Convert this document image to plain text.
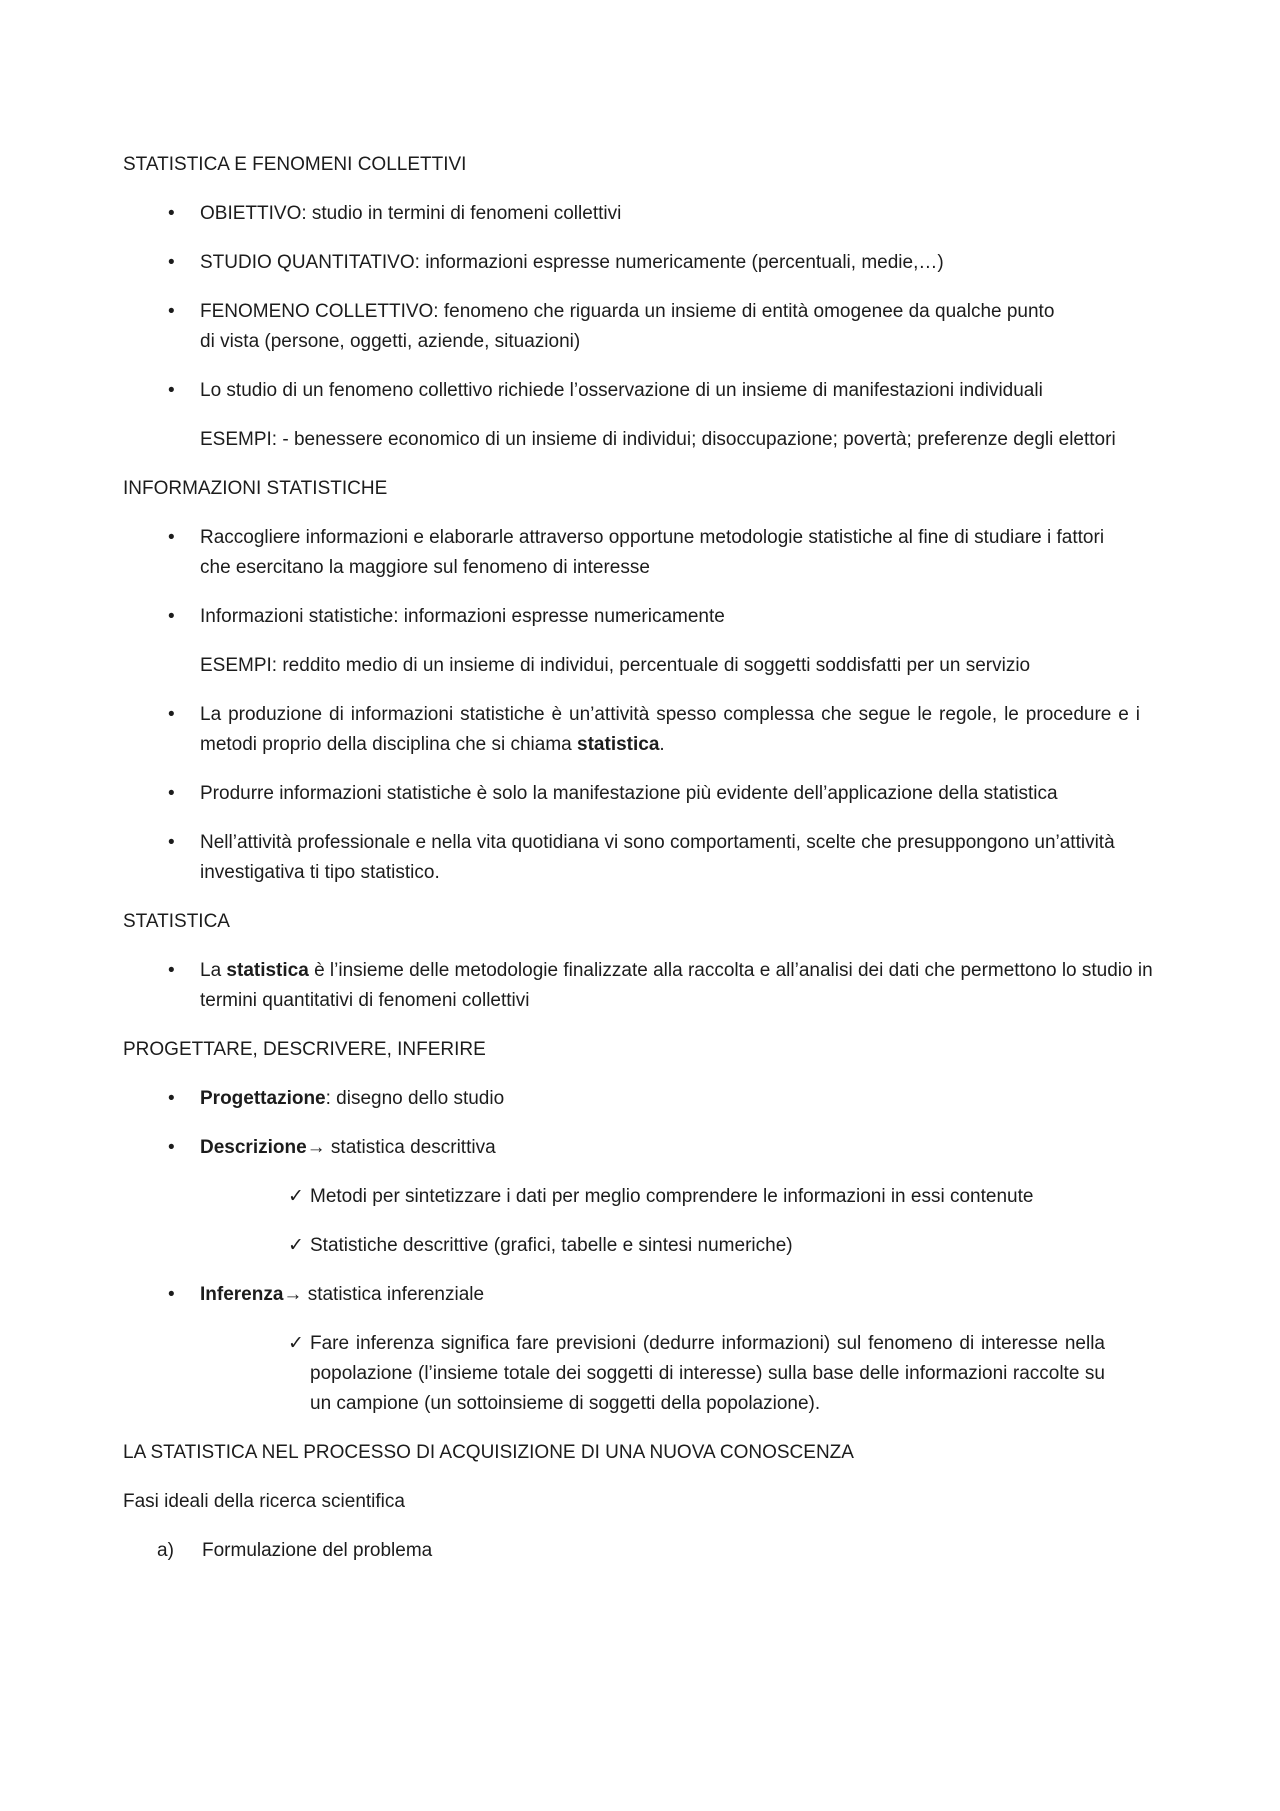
STATISTICA E FENOMENI COLLETTIVI

• OBIETTIVO: studio in termini di fenomeni collettivi

• STUDIO QUANTITATIVO: informazioni espresse numericamente (percentuali, medie,…)

• FENOMENO COLLETTIVO: fenomeno che riguarda un insieme di entità omogenee da qualche punto di vista (persone, oggetti, aziende, situazioni)

• Lo studio di un fenomeno collettivo richiede l’osservazione di un insieme di manifestazioni individuali

ESEMPI: - benessere economico di un insieme di individui; disoccupazione; povertà; preferenze degli elettori

INFORMAZIONI STATISTICHE

• Raccogliere informazioni e elaborarle attraverso opportune metodologie statistiche al fine di studiare i fattori che esercitano la maggiore sul fenomeno di interesse

• Informazioni statistiche: informazioni espresse numericamente

ESEMPI: reddito medio di un insieme di individui, percentuale di soggetti soddisfatti per un servizio

• La produzione di informazioni statistiche è un’attività spesso complessa che segue le regole, le procedure e i metodi proprio della disciplina che si chiama statistica.

• Produrre informazioni statistiche è solo la manifestazione più evidente dell’applicazione della statistica

• Nell’attività professionale e nella vita quotidiana vi sono comportamenti, scelte che presuppongono un’attività investigativa ti tipo statistico.

STATISTICA

• La statistica è l’insieme delle metodologie finalizzate alla raccolta e all’analisi dei dati che permettono lo studio in termini quantitativi di fenomeni collettivi

PROGETTARE, DESCRIVERE, INFERIRE

• Progettazione: disegno dello studio

• Descrizione→ statistica descrittiva

✓ Metodi per sintetizzare i dati per meglio comprendere le informazioni in essi contenute

✓ Statistiche descrittive (grafici, tabelle e sintesi numeriche)

• Inferenza→ statistica inferenziale

✓ Fare inferenza significa fare previsioni (dedurre informazioni) sul fenomeno di interesse nella popolazione (l’insieme totale dei soggetti di interesse) sulla base delle informazioni raccolte su un campione (un sottoinsieme di soggetti della popolazione).

LA STATISTICA NEL PROCESSO DI ACQUISIZIONE DI UNA NUOVA CONOSCENZA

Fasi ideali della ricerca scientifica

a) Formulazione del problema
